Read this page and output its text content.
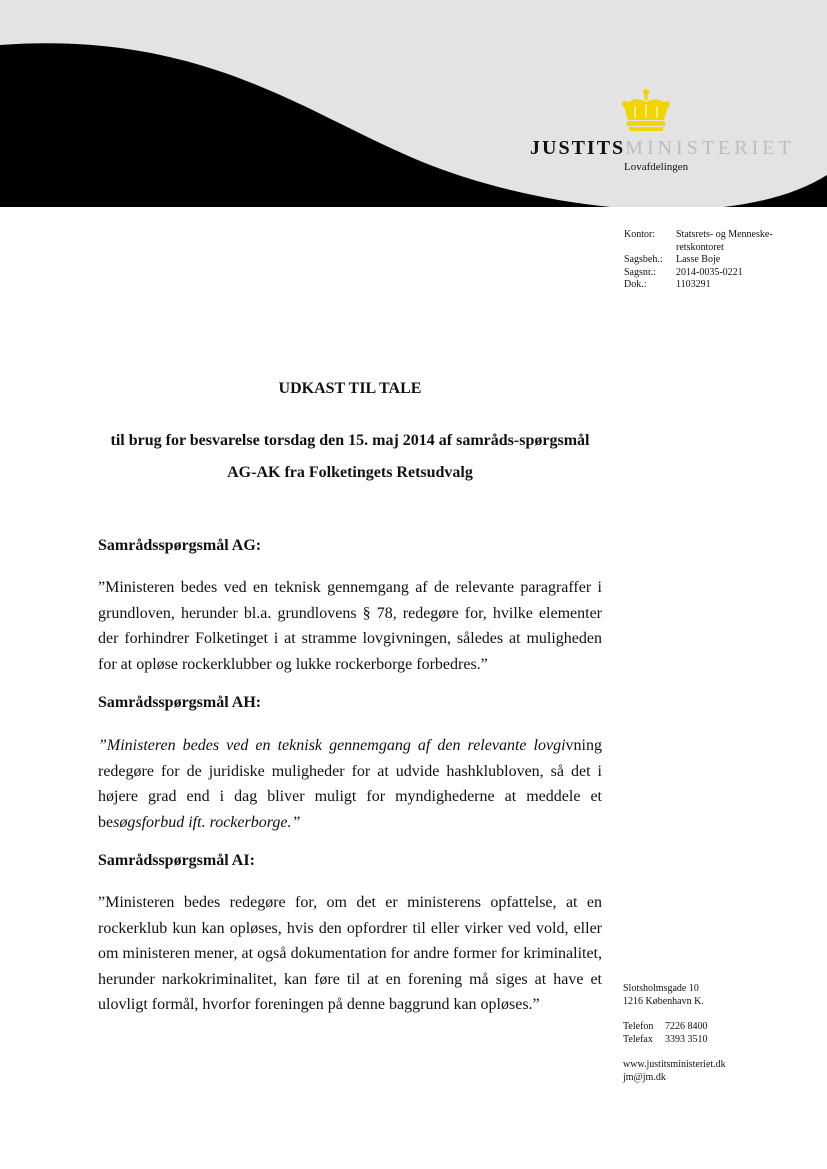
JUSTITSMINISTERIET
Lovafdelingen
Kontor:	Statsrets- og Menneske-retskontoret
Sagsbeh.:	Lasse Boje
Sagsnr.:	2014-0035-0221
Dok.:	1103291
UDKAST TIL TALE
til brug for besvarelse torsdag den 15. maj 2014 af samråds-spørgsmål AG-AK fra Folketingets Retsudvalg
Samrådsspørgsmål AG:
”Ministeren bedes ved en teknisk gennemgang af de relevante paragraffer i grundloven, herunder bl.a. grundlovens § 78, redegøre for, hvilke elementer der forhindrer Folketinget i at stramme lovgivningen, således at muligheden for at opløse rockerklubber og lukke rockerborge forbedres.”
Samrådsspørgsmål AH:
”Ministeren bedes ved en teknisk gennemgang af den relevante lovgivning redegøre for de juridiske muligheder for at udvide hashklubloven, så det i højere grad end i dag bliver muligt for myndighederne at meddele et besøgsforbud ift. rockerborge.”
Samrådsspørgsmål AI:
”Ministeren bedes redegøre for, om det er ministerens opfattelse, at en rockerklub kun kan opløses, hvis den opfordrer til eller virker ved vold, eller om ministeren mener, at også dokumentation for andre former for kriminalitet, herunder narkokriminalitet, kan føre til at en forening må siges at have et ulovligt formål, hvorfor foreningen på denne baggrund kan opløses.”
Slotsholmsgade 10
1216 København K.
Telefon	7226 8400
Telefax	3393 3510
www.justitsministeriet.dk
jm@jm.dk
